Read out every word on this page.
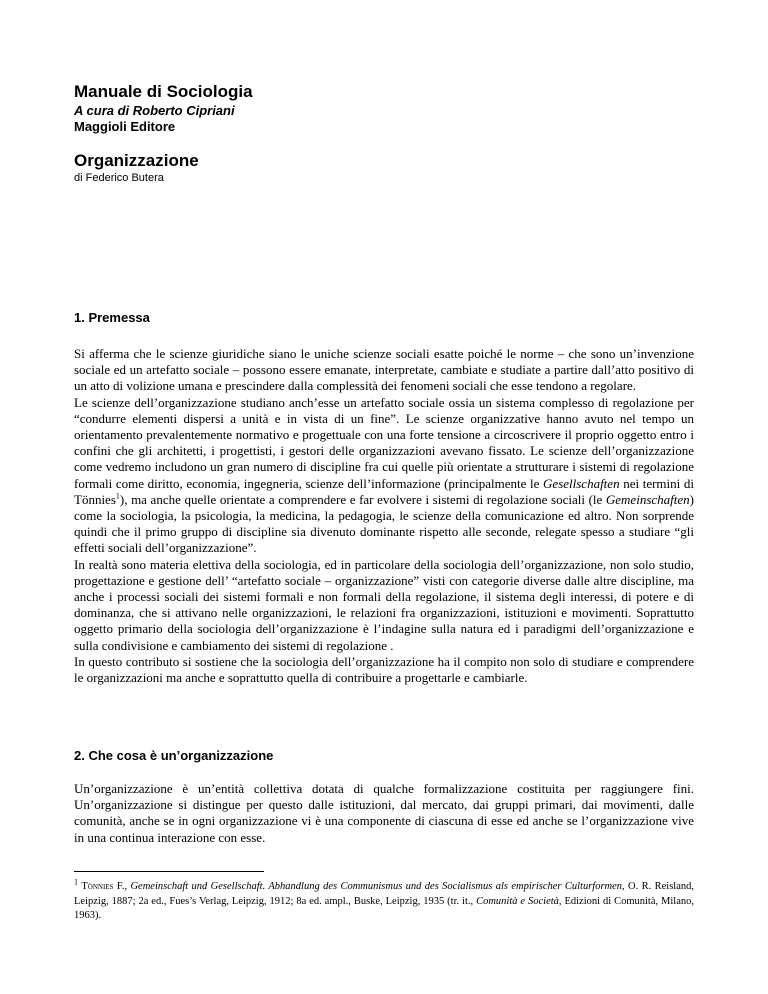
Manuale di Sociologia
A cura di Roberto Cipriani
Maggioli Editore
Organizzazione
di Federico Butera
1. Premessa

Si afferma che le scienze giuridiche siano le uniche scienze sociali esatte poiché le norme – che sono un’invenzione sociale ed un artefatto sociale – possono essere emanate, interpretate, cambiate e studiate a partire dall’atto positivo di un atto di volizione umana e prescindere dalla complessità dei fenomeni sociali che esse tendono a regolare.

Le scienze dell’organizzazione studiano anch’esse un artefatto sociale ossia un sistema complesso di regolazione per “condurre elementi dispersi a unità e in vista di un fine”. Le scienze organizzative hanno avuto nel tempo un orientamento prevalentemente normativo e progettuale con una forte tensione a circoscrivere il proprio oggetto entro i confini che gli architetti, i progettisti, i gestori delle organizzazioni avevano fissato. Le scienze dell’organizzazione come vedremo includono un gran numero di discipline fra cui quelle più orientate a strutturare i sistemi di regolazione formali come diritto, economia, ingegneria, scienze dell’informazione (principalmente le Gesellschaften nei termini di Tönnies$^1$), ma anche quelle orientate a comprendere e far evolvere i sistemi di regolazione sociali (le Gemeinschaften) come la sociologia, la psicologia, la medicina, la pedagogia, le scienze della comunicazione ed altro. Non sorprende quindi che il primo gruppo di discipline sia divenuto dominante rispetto alle seconde, relegate spesso a studiare “gli effetti sociali dell’organizzazione”.

In realtà sono materia elettiva della sociologia, ed in particolare della sociologia dell’organizzazione, non solo studio, progettazione e gestione dell’ “artefatto sociale – organizzazione” visti con categorie diverse dalle altre discipline, ma anche i processi sociali dei sistemi formali e non formali della regolazione, il sistema degli interessi, di potere e di dominanza, che si attivano nelle organizzazioni, le relazioni fra organizzazioni, istituzioni e movimenti. Soprattutto oggetto primario della sociologia dell’organizzazione è l’indagine sulla natura ed i paradigmi dell’organizzazione e sulla condivisione e cambiamento dei sistemi di regolazione .

In questo contributo si sostiene che la sociologia dell’organizzazione ha il compito non solo di studiare e comprendere le organizzazioni ma anche e soprattutto quella di contribuire a progettarle e cambiarle.

2. Che cosa è un’organizzazione

Un’organizzazione è un’entità collettiva dotata di qualche formalizzazione costituita per raggiungere fini. Un’organizzazione si distingue per questo dalle istituzioni, dal mercato, dai gruppi primari, dai movimenti, dalle comunità, anche se in ogni organizzazione vi è una componente di ciascuna di esse ed anche se l’organizzazione vive in una continua interazione con esse.

$^1$ Tönnies F., Gemeinschaft und Gesellschaft. Abhandlung des Communismus und des Socialismus als empirischer Culturformen, O. R. Reisland, Leipzig, 1887; 2a ed., Fues’s Verlag, Leipzig, 1912; 8a ed. ampl., Buske, Leipzig, 1935 (tr. it., Comunità e Società, Edizioni di Comunità, Milano, 1963).
